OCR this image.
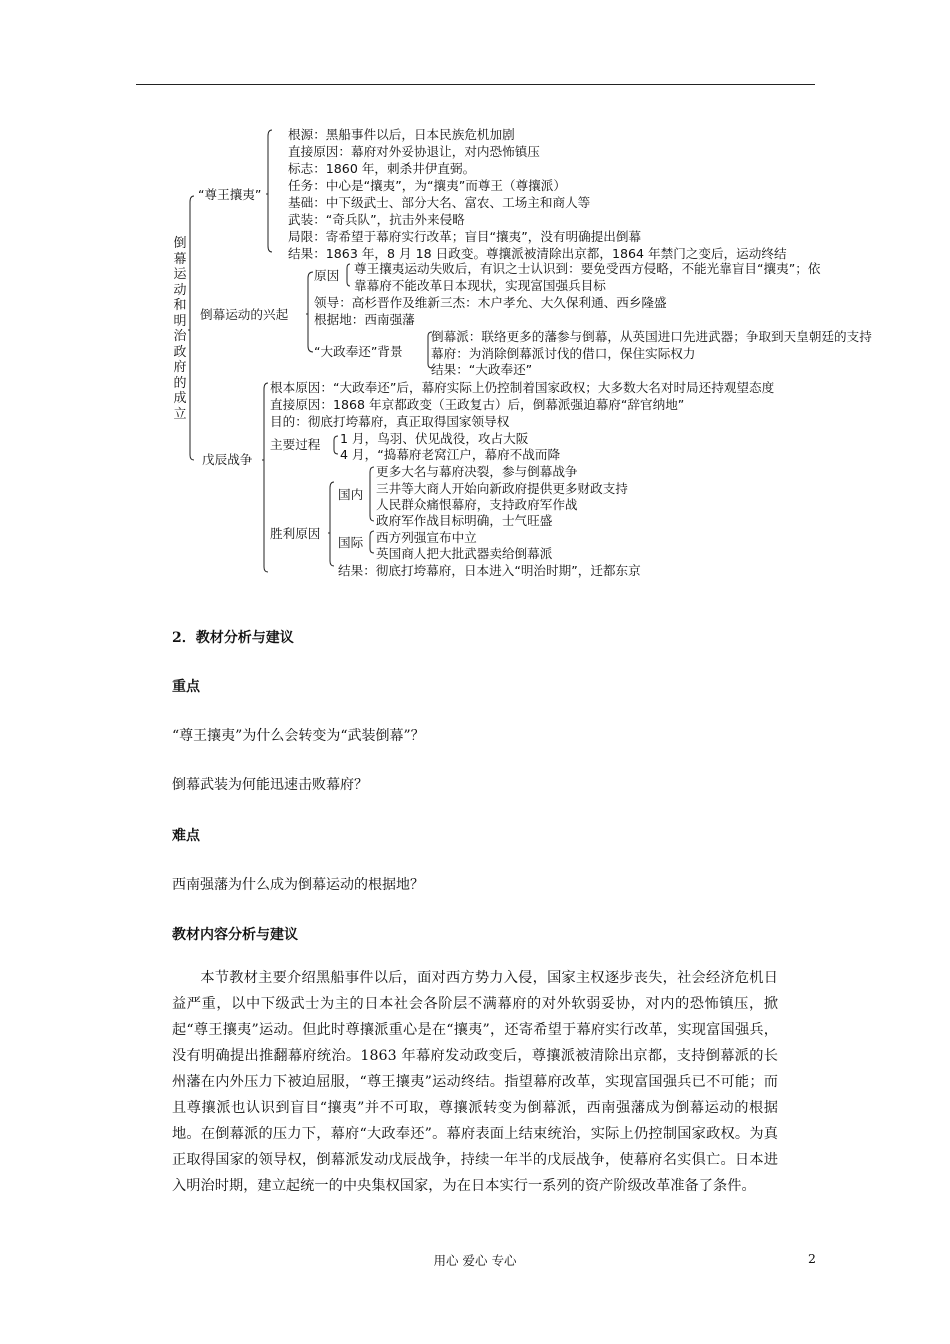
倒幕运动和明治政府的成立
“尊王攘夷”
倒幕运动的兴起
原因
“大政奉还”背景
戊辰战争
主要过程
胜利原因
国内
国际
根源：黑船事件以后，日本民族危机加剧
直接原因：幕府对外妥协退让，对内恐怖镇压
标志：1860 年，刺杀井伊直弼。
任务：中心是“攘夷”，为“攘夷”而尊王（尊攘派）
基础：中下级武士、部分大名、富农、工场主和商人等
武装：“奇兵队”，抗击外来侵略
局限：寄希望于幕府实行改革；盲目“攘夷”，没有明确提出倒幕
结果：1863 年，8 月 18 日政变。尊攘派被清除出京都，1864 年禁门之变后，运动终结
尊王攘夷运动失败后，有识之士认识到：要免受西方侵略，不能光靠盲目“攘夷”；依
靠幕府不能改革日本现状，实现富国强兵目标
领导：高杉晋作及维新三杰：木户孝允、大久保利通、西乡隆盛
根据地：西南强藩
倒幕派：联络更多的藩参与倒幕，从英国进口先进武器；争取到天皇朝廷的支持
幕府：为消除倒幕派讨伐的借口，保住实际权力
结果：“大政奉还”
根本原因：“大政奉还”后，幕府实际上仍控制着国家政权；大多数大名对时局还持观望态度
直接原因：1868 年京都政变（王政复古）后，倒幕派强迫幕府“辞官纳地”
目的：彻底打垮幕府，真正取得国家领导权
1 月，鸟羽、伏见战役，攻占大阪
4 月，“捣幕府老窝江户，幕府不战而降
更多大名与幕府决裂，参与倒幕战争
三井等大商人开始向新政府提供更多财政支持
人民群众痛恨幕府，支持政府军作战
政府军作战目标明确，士气旺盛
西方列强宣布中立
英国商人把大批武器卖给倒幕派
结果：彻底打垮幕府，日本进入“明治时期”，迁都东京
2．教材分析与建议
重点
“尊王攘夷”为什么会转变为“武装倒幕”？
倒幕武装为何能迅速击败幕府？
难点
西南强藩为什么成为倒幕运动的根据地？
教材内容分析与建议

本节教材主要介绍黑船事件以后，面对西方势力入侵，国家主权逐步丧失，社会经济危机日益严重，以中下级武士为主的日本社会各阶层不满幕府的对外软弱妥协，对内的恐怖镇压，掀起“尊王攘夷”运动。但此时尊攘派重心是在“攘夷”，还寄希望于幕府实行改革，实现富国强兵，没有明确提出推翻幕府统治。1863 年幕府发动政变后，尊攘派被清除出京都，支持倒幕派的长州藩在内外压力下被迫屈服，“尊王攘夷”运动终结。指望幕府改革，实现富国强兵已不可能；而且尊攘派也认识到盲目“攘夷”并不可取，尊攘派转变为倒幕派，西南强藩成为倒幕运动的根据地。在倒幕派的压力下，幕府“大政奉还”。幕府表面上结束统治，实际上仍控制国家政权。为真正取得国家的领导权，倒幕派发动戊辰战争，持续一年半的戊辰战争，使幕府名实俱亡。日本进入明治时期，建立起统一的中央集权国家，为在日本实行一系列的资产阶级改革准备了条件。

用心 爱心 专心	2
